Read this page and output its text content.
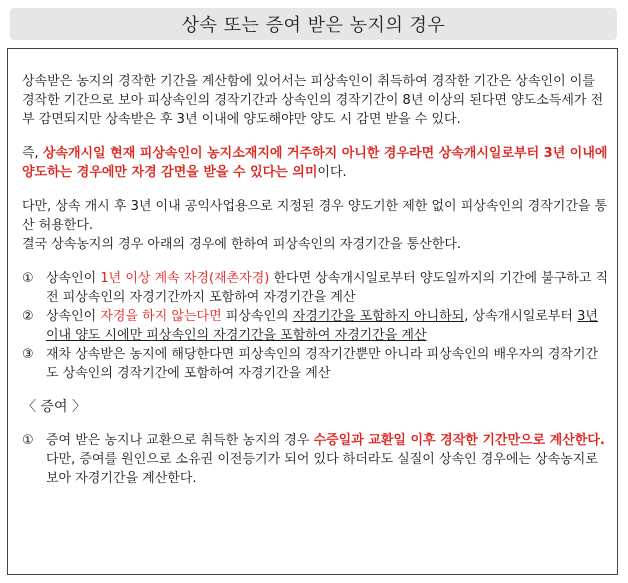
상속 또는 증여 받은 농지의 경우

상속받은 농지의 경작한 기간을 계산함에 있어서는 피상속인이 취득하여 경작한 기간은 상속인이 이를 경작한 기간으로 보아 피상속인의 경작기간과 상속인의 경작기간이 8년 이상의 된다면 양도소득세가 전부 감면되지만 상속받은 후 3년 이내에 양도해야만 양도 시 감면 받을 수 있다.

즉, 상속개시일 현재 피상속인이 농지소재지에 거주하지 아니한 경우라면 상속개시일로부터 3년 이내에 양도하는 경우에만 자경 감면을 받을 수 있다는 의미이다.

다만, 상속 개시 후 3년 이내 공익사업용으로 지정된 경우 양도기한 제한 없이 피상속인의 경작기간을 통산 허용한다.

결국 상속농지의 경우 아래의 경우에 한하여 피상속인의 자경기간을 통산한다.

① 상속인이 1년 이상 계속 자경(재촌자경) 한다면 상속개시일로부터 양도일까지의 기간에 불구하고 직전 피상속인의 자경기간까지 포함하여 자경기간을 계산
② 상속인이 자경을 하지 않는다면 피상속인의 자경기간을 포함하지 아니하되, 상속개시일로부터 3년 이내 양도 시에만 피상속인의 자경기간을 포함하여 자경기간을 계산
③ 재차 상속받은 농지에 해당한다면 피상속인의 경작기간뿐만 아니라 피상속인의 배우자의 경작기간도 상속인의 경작기간에 포함하여 자경기간을 계산
〈 증여 〉
① 증여 받은 농지나 교환으로 취득한 농지의 경우 수증일과 교환일 이후 경작한 기간만으로 계산한다. 다만, 증여를 원인으로 소유권 이전등기가 되어 있다 하더라도 실질이 상속인 경우에는 상속농지로 보아 자경기간을 계산한다.
